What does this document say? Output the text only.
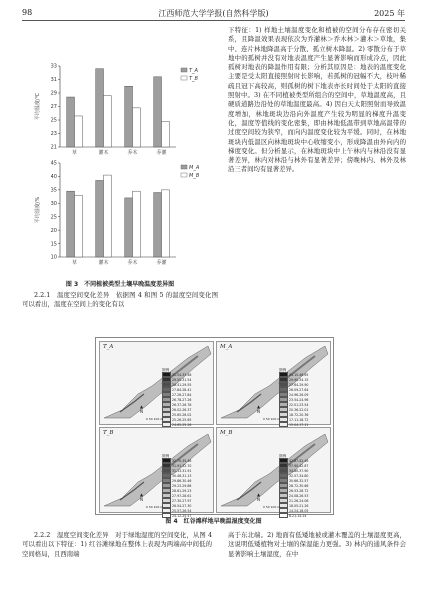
98	江西师范大学学报(自然科学版)	2025 年
33
31
29
27
25
23
21
平均温度/℃
草	灌木	乔木	乔灌
T_A
T_B
45
40
35
30
25
20
15
10
平均湿度/%
草	灌木	乔木	乔灌
M_A
M_B
图 3　不同植被类型土壤早晚温度差异图

2.2.1　温度空间变化差异　 依据图 4 和图 5 的温度空间变化图可以看出，温度在空间上的变化有以

下特征：1) 样地土壤温度变化和植被的空间分布存在密切关系，且降温效果表现依次为乔灌林＞乔木林＞灌木＞草地，集中、连片林地降温高于分散、孤立树木降温。2) 零散分布于草地中的孤树并没有对地表温度产生显著影响而形成冷点，因此孤树对地表的降温作用有限；分析其原因是：地表的温度变化主要是受太阳直接照射时长影响，若孤树的冠幅不大，枝叶稀疏且冠下高较高，则孤树的树下地表亦长时间处于太阳的直接照射中。3) 在不同植被类型所组合的空间中，草地温度高，且硬质道路边沿处的草地温度最高。4) 因白天太阳照射而导致温度增加，林地斑块边沿向外温度产生较为明显的梯度升温变化，温度等值线的变化密集，即由林地低温带到草地高温带的过度空间较为狭窄，而向内温度变化较为平缓。同时，在林地斑块内低温区向林地斑块中心收缩变小，形成降温由外向内的梯度变化。但分析显示，在林地斑块中上午林内与林沿没有显著差异，林内对林沿与林外有显著差异；傍晚林内、林外及林沿三者间均有显著差异。

T_A
图例
31.54-33.48
29.55-31.54
28.41-29.55
27.84-28.41
27.26-27.84
26.78-27.26
26.37-26.78
26.02-26.37
25.65-26.02
25.26-25.65
24.65-25.26
▲
N
0 50 100 m
M_A
图例
34.15-46.65
29.90-34.15
27.64-29.90
26.09-27.64
24.96-26.09
23.54-24.96
22.01-23.54
20.36-22.01
18.72-20.36
17.11-18.72
15.04-17.11
▲
N
0 50 100 m
T_B
图例
32.70-35.46
31.91-32.70
31.13-31.91
30.46-31.13
29.86-30.46
29.23-29.86
28.61-29.23
27.97-28.61
27.30-27.97
26.54-27.30
25.57-26.54
24.12-25.57
▲
N
0 50 100 m
M_B
图例
42.87-52.46
37.90-42.87
34.80-37.90
32.57-34.80
30.66-32.57
28.72-30.66
26.53-28.72
24.08-26.53
21.26-24.08
18.05-21.26
14.24-18.05
8.21-14.24
▲
N
0 50 100 m
图 4　红谷滩样地早晚温湿度变化图

2.2.2　湿度空间变化差异　 对于绿地湿度的空间变化，从图 4 可以看出以下特征：1) 红谷滩绿地在整体上表现为两端高中间低的空间格局，且西南端

高于东北端。2) 地面有低矮地被或灌木覆盖的土壤湿度更高，这说明低矮植物对土壤的保湿能力更强。3) 林内的通风条件会显著影响土壤湿度，在中
